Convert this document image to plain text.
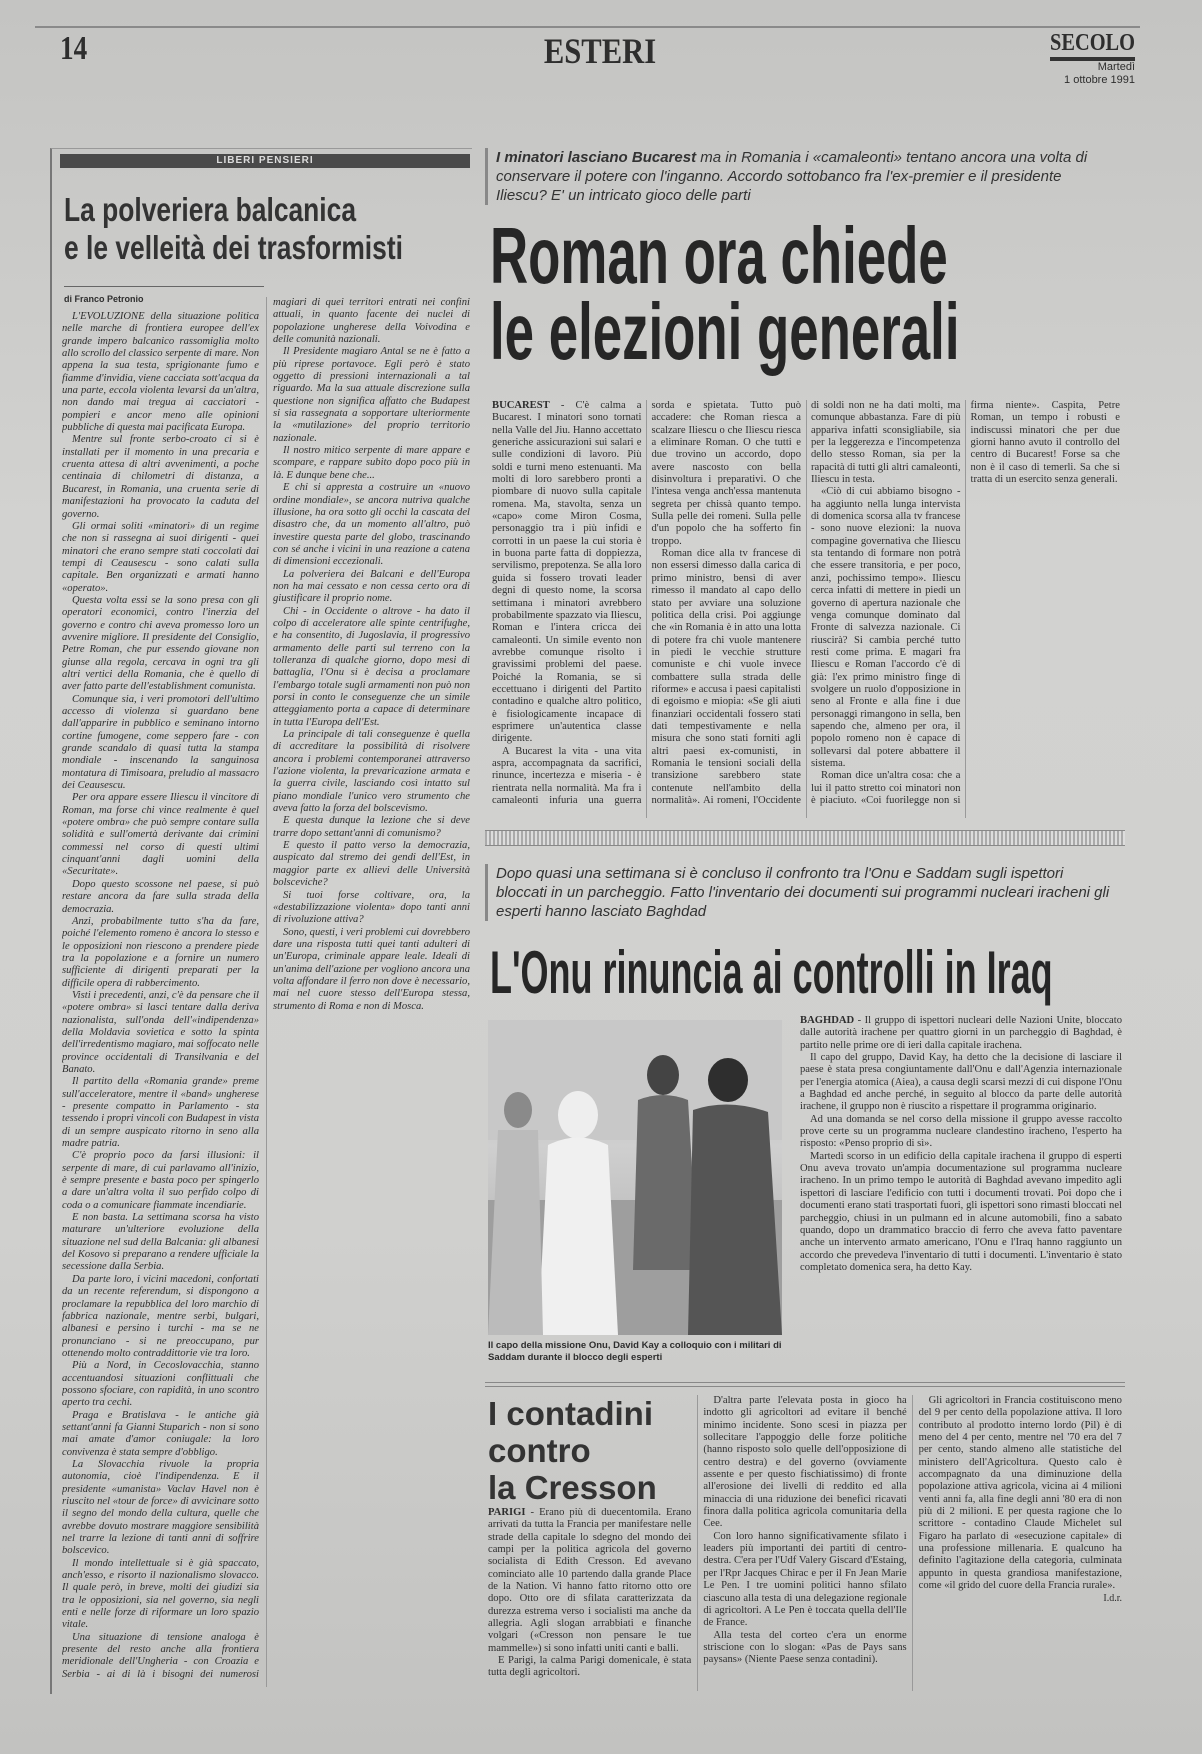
14	ESTERI	SECOLO
Martedì
1 ottobre 1991
LIBERI PENSIERI
La polveriera balcanica
e le velleità dei trasformisti
di Franco Petronio

L'EVOLUZIONE della situazione politica nelle marche di frontiera europee dell'ex grande impero balcanico rassomiglia molto allo scrollo del classico serpente di mare. Non appena la sua testa, sprigionante fumo e fiamme d'invidia, viene cacciata sott'acqua da una parte, eccola violenta levarsi da un'altra, non dando mai tregua ai cacciatori - pompieri e ancor meno alle opinioni pubbliche di questa mai pacificata Europa.

Mentre sul fronte serbo-croato ci si è installati per il momento in una precaria e cruenta attesa di altri avvenimenti, a poche centinaia di chilometri di distanza, a Bucarest, in Romania, una cruenta serie di manifestazioni ha provocato la caduta del governo.

Gli ormai soliti «minatori» di un regime che non si rassegna ai suoi dirigenti - quei minatori che erano sempre stati coccolati dai tempi di Ceausescu - sono calati sulla capitale. Ben organizzati e armati hanno «operato».

Questa volta essi se la sono presa con gli operatori economici, contro l'inerzia del governo e contro chi aveva promesso loro un avvenire migliore. Il presidente del Consiglio, Petre Roman, che pur essendo giovane non giunse alla regola, cercava in ogni tra gli altri vertici della Romania, che è quello di aver fatto parte dell'establishment comunista.

Comunque sia, i veri promotori dell'ultimo accesso di violenza si guardano bene dall'apparire in pubblico e seminano intorno cortine fumogene, come seppero fare - con grande scandalo di quasi tutta la stampa mondiale - inscenando la sanguinosa montatura di Timisoara, preludio al massacro dei Ceausescu.

Per ora appare essere Iliescu il vincitore di Roman, ma forse chi vince realmente è quel «potere ombra» che può sempre contare sulla solidità e sull'omertà derivante dai crimini commessi nel corso di questi ultimi cinquant'anni dagli uomini della «Securitate».

Dopo questo scossone nel paese, si può restare ancora da fare sulla strada della democrazia.

Anzi, probabilmente tutto s'ha da fare, poiché l'elemento romeno è ancora lo stesso e le opposizioni non riescono a prendere piede tra la popolazione e a fornire un numero sufficiente di dirigenti preparati per la difficile opera di rabbercimento.

Visti i precedenti, anzi, c'è da pensare che il «potere ombra» si lasci tentare dalla deriva nazionalista, sull'onda dell'«indipendenza» della Moldavia sovietica e sotto la spinta dell'irredentismo magiaro, mai soffocato nelle province occidentali di Transilvania e del Banato.

Il partito della «Romania grande» preme sull'acceleratore, mentre il «band» ungherese - presente compatto in Parlamento - sta tessendo i propri vincoli con Budapest in vista di un sempre auspicato ritorno in seno alla madre patria.

C'è proprio poco da farsi illusioni: il serpente di mare, di cui parlavamo all'inizio, è sempre presente e basta poco per spingerlo a dare un'altra volta il suo perfido colpo di coda o a comunicare fiammate incendiarie.

E non basta. La settimana scorsa ha visto maturare un'ulteriore evoluzione della situazione nel sud della Balcania: gli albanesi del Kosovo si preparano a rendere ufficiale la secessione dalla Serbia.

Da parte loro, i vicini macedoni, confortati da un recente referendum, si dispongono a proclamare la repubblica del loro marchio di fabbrica nazionale, mentre serbi, bulgari, albanesi e persino i turchi - ma se ne pronunciano - si ne preoccupano, pur ottenendo molto contraddittorie vie tra loro.

Più a Nord, in Cecoslovacchia, stanno accentuandosi situazioni conflittuali che possono sfociare, con rapidità, in uno scontro aperto tra cechi.

Praga e Bratislava - le antiche già settant'anni fa Gianni Stuparich - non si sono mai amate d'amor coniugale: la loro convivenza è stata sempre d'obbligo.

La Slovacchia rivuole la propria autonomia, cioè l'indipendenza. E il presidente «umanista» Vaclav Havel non è riuscito nel «tour de force» di avvicinare sotto il segno del mondo della cultura, quelle che avrebbe dovuto mostrare maggiore sensibilità nel trarre la lezione di tanti anni di soffrire bolscevico.

Il mondo intellettuale si è già spaccato, anch'esso, e risorto il nazionalismo slovacco. Il quale però, in breve, molti dei giudizi sia tra le opposizioni, sia nel governo, sia negli enti e nelle forze di riformare un loro spazio vitale.

Una situazione di tensione analoga è presente del resto anche alla frontiera meridionale dell'Ungheria - con Croazia e Serbia - ai di là i bisogni dei numerosi magiari di quei territori entrati nei confini attuali, in quanto facente dei nuclei di popolazione ungherese della Voivodina e delle comunità nazionali.

Il Presidente magiaro Antal se ne è fatto a più riprese portavoce. Egli però è stato oggetto di pressioni internazionali a tal riguardo. Ma la sua attuale discrezione sulla questione non significa affatto che Budapest si sia rassegnata a sopportare ulteriormente la «mutilazione» del proprio territorio nazionale.

Il nostro mitico serpente di mare appare e scompare, e rappare subito dopo poco più in là. E dunque bene che...

E chi si appresta a costruire un «nuovo ordine mondiale», se ancora nutriva qualche illusione, ha ora sotto gli occhi la cascata del disastro che, da un momento all'altro, può investire questa parte del globo, trascinando con sé anche i vicini in una reazione a catena di dimensioni eccezionali.

La polveriera dei Balcani e dell'Europa non ha mai cessato e non cessa certo ora di giustificare il proprio nome.

Chi - in Occidente o altrove - ha dato il colpo di acceleratore alle spinte centrifughe, e ha consentito, di Jugoslavia, il progressivo armamento delle parti sul terreno con la tolleranza di qualche giorno, dopo mesi di battaglia, l'Onu si è decisa a proclamare l'embargo totale sugli armamenti non può non porsi in conto le conseguenze che un simile atteggiamento porta a capace di determinare in tutta l'Europa dell'Est.

La principale di tali conseguenze è quella di accreditare la possibilità di risolvere ancora i problemi contemporanei attraverso l'azione violenta, la prevaricazione armata e la guerra civile, lasciando così intatto sul piano mondiale l'unico vero strumento che aveva fatto la forza del bolscevismo.

E questa dunque la lezione che si deve trarre dopo settant'anni di comunismo?

E questo il patto verso la democrazia, auspicato dal stremo dei gendi dell'Est, in maggior parte ex allievi delle Università bolsceviche?

Si tuoi forse coltivare, ora, la «destabilizzazione violenta» dopo tanti anni di rivoluzione attiva?

Sono, questi, i veri problemi cui dovrebbero dare una risposta tutti quei tanti adulteri di un'Europa, criminale appare leale. Ideali di un'anima dell'azione per vogliono ancora una volta affondare il ferro non dove è necessario, mai nel cuore stesso dell'Europa stessa, strumento di Roma e non di Mosca.

I minatori lasciano Bucarest ma in Romania i «camaleonti» tentano ancora una volta di conservare il potere con l'inganno. Accordo sottobanco fra l'ex-premier e il presidente Iliescu? E' un intricato gioco delle parti
Roman ora chiede
le elezioni generali

BUCAREST - C'è calma a Bucarest. I minatori sono tornati nella Valle del Jiu. Hanno accettato generiche assicurazioni sui salari e sulle condizioni di lavoro. Più soldi e turni meno estenuanti. Ma molti di loro sarebbero pronti a piombare di nuovo sulla capitale romena. Ma, stavolta, senza un «capo» come Miron Cosma, personaggio tra i più infidi e corrotti in un paese la cui storia è in buona parte fatta di doppiezza, servilismo, prepotenza. Se alla loro guida si fossero trovati leader degni di questo nome, la scorsa settimana i minatori avrebbero probabilmente spazzato via Iliescu, Roman e l'intera cricca dei camaleonti. Un simile evento non avrebbe comunque risolto i gravissimi problemi del paese. Poiché la Romania, se si eccettuano i dirigenti del Partito contadino e qualche altro politico, è fisiologicamente incapace di esprimere un'autentica classe dirigente.

A Bucarest la vita - una vita aspra, accompagnata da sacrifici, rinunce, incertezza e miseria - è rientrata nella normalità. Ma fra i camaleonti infuria una guerra sorda e spietata. Tutto può accadere: che Roman riesca a scalzare Iliescu o che Iliescu riesca a eliminare Roman. O che tutti e due trovino un accordo, dopo avere nascosto con bella disinvoltura i preparativi. O che l'intesa venga anch'essa mantenuta segreta per chissà quanto tempo. Sulla pelle dei romeni. Sulla pelle d'un popolo che ha sofferto fin troppo.

Roman dice alla tv francese di non essersi dimesso dalla carica di primo ministro, bensì di aver rimesso il mandato al capo dello stato per avviare una soluzione politica della crisi. Poi aggiunge che «in Romania è in atto una lotta di potere fra chi vuole mantenere in piedi le vecchie strutture comuniste e chi vuole invece combattere sulla strada delle riforme» e accusa i paesi capitalisti di egoismo e miopia: «Se gli aiuti finanziari occidentali fossero stati dati tempestivamente e nella misura che sono stati forniti agli altri paesi ex-comunisti, in Romania le tensioni sociali della transizione sarebbero state contenute nell'ambito della normalità». Ai romeni, l'Occidente di soldi non ne ha dati molti, ma comunque abbastanza. Fare di più appariva infatti sconsigliabile, sia per la leggerezza e l'incompetenza dello stesso Roman, sia per la rapacità di tutti gli altri camaleonti, Iliescu in testa.

«Ciò di cui abbiamo bisogno - ha aggiunto nella lunga intervista di domenica scorsa alla tv francese - sono nuove elezioni: la nuova compagine governativa che Iliescu sta tentando di formare non potrà che essere transitoria, e per poco, anzi, pochissimo tempo». Iliescu cerca infatti di mettere in piedi un governo di apertura nazionale che venga comunque dominato dal Fronte di salvezza nazionale. Ci riuscirà? Si cambia perché tutto resti come prima. E magari fra Iliescu e Roman l'accordo c'è di già: l'ex primo ministro finge di svolgere un ruolo d'opposizione in seno al Fronte e alla fine i due personaggi rimangono in sella, ben sapendo che, almeno per ora, il popolo romeno non è capace di sollevarsi dal potere abbattere il sistema.

Roman dice un'altra cosa: che a lui il patto stretto coi minatori non è piaciuto. «Coi fuorilegge non si firma niente». Caspita, Petre Roman, un tempo i robusti e indiscussi minatori che per due giorni hanno avuto il controllo del centro di Bucarest! Forse sa che non è il caso di temerli. Sa che si tratta di un esercito senza generali.

Dopo quasi una settimana si è concluso il confronto tra l'Onu e Saddam sugli ispettori bloccati in un parcheggio. Fatto l'inventario dei documenti sui programmi nucleari iracheni gli esperti hanno lasciato Baghdad
L'Onu rinuncia ai controlli in Iraq
Il capo della missione Onu, David Kay a colloquio con i militari di Saddam durante il blocco degli esperti

BAGHDAD - Il gruppo di ispettori nucleari delle Nazioni Unite, bloccato dalle autorità irachene per quattro giorni in un parcheggio di Baghdad, è partito nelle prime ore di ieri dalla capitale irachena.

Il capo del gruppo, David Kay, ha detto che la decisione di lasciare il paese è stata presa congiuntamente dall'Onu e dall'Agenzia internazionale per l'energia atomica (Aiea), a causa degli scarsi mezzi di cui dispone l'Onu a Baghdad ed anche perché, in seguito al blocco da parte delle autorità irachene, il gruppo non è riuscito a rispettare il programma originario.

Ad una domanda se nel corso della missione il gruppo avesse raccolto prove certe su un programma nucleare clandestino iracheno, l'esperto ha risposto: «Penso proprio di sì».

Martedì scorso in un edificio della capitale irachena il gruppo di esperti Onu aveva trovato un'ampia documentazione sul programma nucleare iracheno. In un primo tempo le autorità di Baghdad avevano impedito agli ispettori di lasciare l'edificio con tutti i documenti trovati. Poi dopo che i documenti erano stati trasportati fuori, gli ispettori sono rimasti bloccati nel parcheggio, chiusi in un pulmann ed in alcune automobili, fino a sabato quando, dopo un drammatico braccio di ferro che aveva fatto paventare anche un intervento armato americano, l'Onu e l'Iraq hanno raggiunto un accordo che prevedeva l'inventario di tutti i documenti. L'inventario è stato completato domenica sera, ha detto Kay.

I contadini
contro
la Cresson

PARIGI - Erano più di duecentomila. Erano arrivati da tutta la Francia per manifestare nelle strade della capitale lo sdegno del mondo dei campi per la politica agricola del governo socialista di Edith Cresson. Ed avevano cominciato alle 10 partendo dalla grande Place de la Nation. Vi hanno fatto ritorno otto ore dopo. Otto ore di sfilata caratterizzata da durezza estrema verso i socialisti ma anche da allegria. Agli slogan arrabbiati e finanche volgari («Cresson non pensare le tue mammelle») si sono infatti uniti canti e balli.

E Parigi, la calma Parigi domenicale, è stata tutta degli agricoltori.

D'altra parte l'elevata posta in gioco ha indotto gli agricoltori ad evitare il benché minimo incidente. Sono scesi in piazza per sollecitare l'appoggio delle forze politiche (hanno risposto solo quelle dell'opposizione di centro destra) e del governo (ovviamente assente e per questo fischiatissimo) di fronte all'erosione dei livelli di reddito ed alla minaccia di una riduzione dei benefici ricavati finora dalla politica agricola comunitaria della Cee.

Con loro hanno significativamente sfilato i leaders più importanti dei partiti di centro-destra. C'era per l'Udf Valery Giscard d'Estaing, per l'Rpr Jacques Chirac e per il Fn Jean Marie Le Pen. I tre uomini politici hanno sfilato ciascuno alla testa di una delegazione regionale di agricoltori. A Le Pen è toccata quella dell'Ile de France.

Alla testa del corteo c'era un enorme striscione con lo slogan: «Pas de Pays sans paysans» (Niente Paese senza contadini).

Gli agricoltori in Francia costituiscono meno del 9 per cento della popolazione attiva. Il loro contributo al prodotto interno lordo (Pil) è di meno del 4 per cento, mentre nel '70 era del 7 per cento, stando almeno alle statistiche del ministero dell'Agricoltura. Questo calo è accompagnato da una diminuzione della popolazione attiva agricola, vicina ai 4 milioni venti anni fa, alla fine degli anni '80 era di non più di 2 milioni. E per questa ragione che lo scrittore - contadino Claude Michelet sul Figaro ha parlato di «esecuzione capitale» di una professione millenaria. E qualcuno ha definito l'agitazione della categoria, culminata appunto in questa grandiosa manifestazione, come «il grido del cuore della Francia rurale».

I.d.r.
